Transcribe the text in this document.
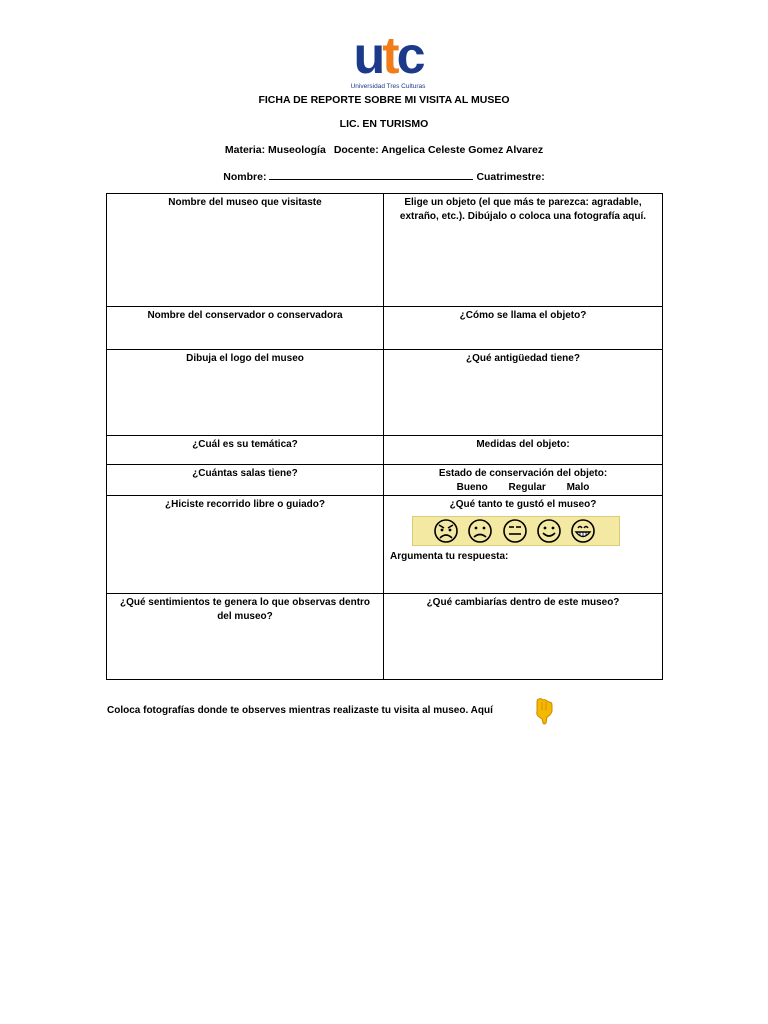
utc
Universidad Tres Culturas
FICHA DE REPORTE SOBRE MI VISITA AL MUSEO
LIC. EN TURISMO
Materia: Museología Docente: Angelica Celeste Gomez Alvarez
Nombre:	Cuatrimestre:
Nombre del museo que visitaste	Elige un objeto (el que más te parezca: agradable, extraño, etc.). Dibújalo o coloca una fotografía aquí.
Nombre del conservador o conservadora	¿Cómo se llama el objeto?
Dibuja el logo del museo	¿Qué antigüedad tiene?
¿Cuál es su temática?	Medidas del objeto:
¿Cuántas salas tiene?	Estado de conservación del objeto:
Bueno Regular Malo

¿Hiciste recorrido libre o guiado?	¿Qué tanto te gustó el museo?
Argumenta tu respuesta:

¿Qué sentimientos te genera lo que observas dentro del museo?	¿Qué cambiarías dentro de este museo?
Coloca fotografías donde te observes mientras realizaste tu visita al museo. Aquí
